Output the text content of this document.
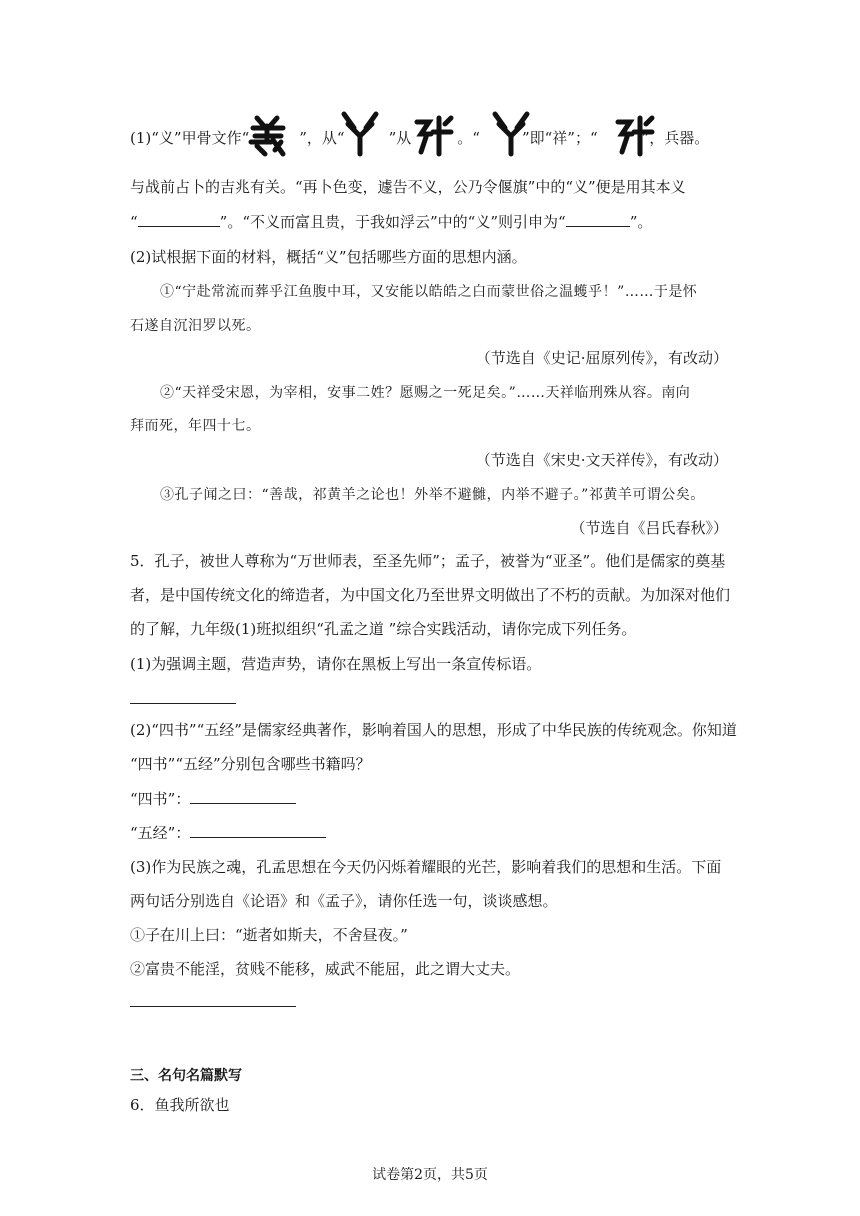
(1)“义”甲骨文作“	”，从“	”从	。“	”即“祥”；“	”，兵器。
与战前占卜的吉兆有关。“再卜色变，遽告不义，公乃令偃旗”中的“义”便是用其本义
“	”。“不义而富且贵，于我如浮云”中的“义”则引申为“	”。
(2)试根据下面的材料，概括“义”包括哪些方面的思想内涵。
①“宁赴常流而葬乎江鱼腹中耳，又安能以皓皓之白而蒙世俗之温蠖乎！”……于是怀
石遂自沉汨罗以死。
（节选自《史记·屈原列传》，有改动）
②“天祥受宋恩，为宰相，安事二姓？愿赐之一死足矣。”……天祥临刑殊从容。南向
拜而死，年四十七。
（节选自《宋史·文天祥传》，有改动）
③孔子闻之曰：“善哉，祁黄羊之论也！外举不避雠，内举不避子。”祁黄羊可谓公矣。
（节选自《吕氏春秋》）
5．孔子，被世人尊称为“万世师表，至圣先师”；孟子，被誉为“亚圣”。他们是儒家的奠基
者，是中国传统文化的缔造者，为中国文化乃至世界文明做出了不朽的贡献。为加深对他们
的了解，九年级(1)班拟组织“孔孟之道 ”综合实践活动，请你完成下列任务。
(1)为强调主题，营造声势，请你在黑板上写出一条宣传标语。
(2)“四书”“五经”是儒家经典著作，影响着国人的思想，形成了中华民族的传统观念。你知道
“四书”“五经”分别包含哪些书籍吗？
“四书”：
“五经”：
(3)作为民族之魂，孔孟思想在今天仍闪烁着耀眼的光芒，影响着我们的思想和生活。下面
两句话分别选自《论语》和《孟子》，请你任选一句，谈谈感想。
①子在川上曰：“逝者如斯夫，不舍昼夜。”
②富贵不能淫，贫贱不能移，威武不能屈，此之谓大丈夫。
三、名句名篇默写
6．鱼我所欲也
试卷第2页，共5页
